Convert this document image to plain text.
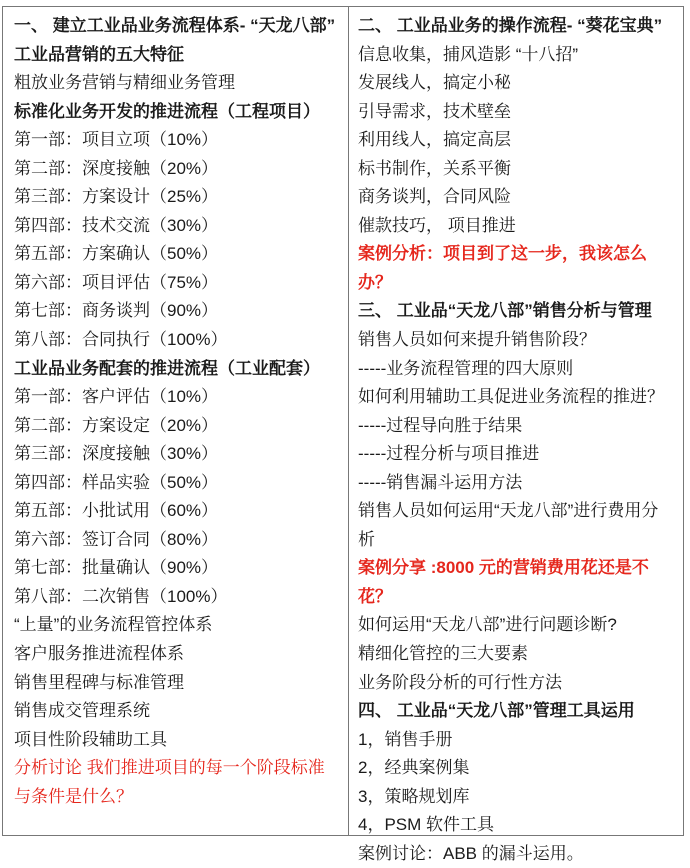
一、 建立工业品业务流程体系- “天龙八部”

工业品营销的五大特征

粗放业务营销与精细业务管理

标准化业务开发的推进流程（工程项目）

第一部：项目立项（10%）

第二部：深度接触（20%）

第三部：方案设计（25%）

第四部：技术交流（30%）

第五部：方案确认（50%）

第六部：项目评估（75%）

第七部：商务谈判（90%）

第八部：合同执行（100%）

工业品业务配套的推进流程（工业配套）

第一部：客户评估（10%）

第二部：方案设定（20%）

第三部：深度接触（30%）

第四部：样品实验（50%）

第五部：小批试用（60%）

第六部：签订合同（80%）

第七部：批量确认（90%）

第八部：二次销售（100%）

“上量”的业务流程管控体系

客户服务推进流程体系

销售里程碑与标准管理

销售成交管理系统

项目性阶段辅助工具

分析讨论 我们推进项目的每一个阶段标准与条件是什么？

二、 工业品业务的操作流程- “葵花宝典”

信息收集，捕风造影 “十八招”

发展线人，搞定小秘

引导需求，技术壁垒

利用线人，搞定高层

标书制作，关系平衡

商务谈判，合同风险

催款技巧， 项目推进

案例分析：项目到了这一步，我该怎么办？

三、 工业品“天龙八部”销售分析与管理

销售人员如何来提升销售阶段？

-----业务流程管理的四大原则

如何利用辅助工具促进业务流程的推进？

-----过程导向胜于结果

-----过程分析与项目推进

-----销售漏斗运用方法

销售人员如何运用“天龙八部”进行费用分析

案例分享 :8000 元的营销费用花还是不花？

如何运用“天龙八部”进行问题诊断?

精细化管控的三大要素

业务阶段分析的可行性方法

四、 工业品“天龙八部”管理工具运用

1，销售手册

2，经典案例集

3，策略规划库

4，PSM 软件工具

案例讨论：ABB 的漏斗运用。
